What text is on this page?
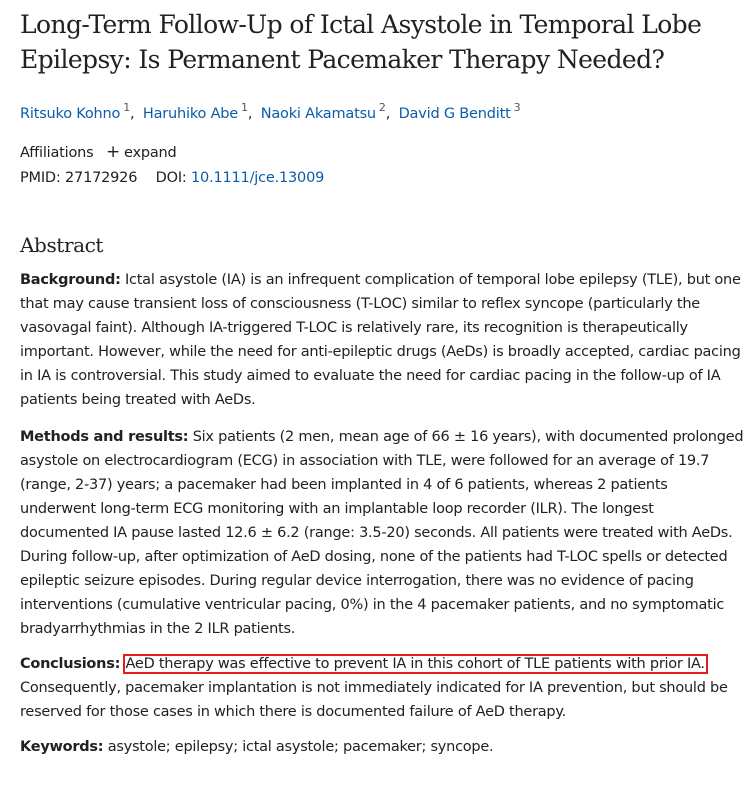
Long-Term Follow-Up of Ictal Asystole in Temporal Lobe Epilepsy: Is Permanent Pacemaker Therapy Needed?
Ritsuko Kohno $^1$, Haruhiko Abe $^1$, Naoki Akamatsu $^2$, David G Benditt $^3$
Affiliations + expand
PMID: 27172926 DOI: 10.1111/jce.13009
Abstract

Background: Ictal asystole (IA) is an infrequent complication of temporal lobe epilepsy (TLE), but one that may cause transient loss of consciousness (T-LOC) similar to reflex syncope (particularly the vasovagal faint). Although IA-triggered T-LOC is relatively rare, its recognition is therapeutically important. However, while the need for anti-epileptic drugs (AeDs) is broadly accepted, cardiac pacing in IA is controversial. This study aimed to evaluate the need for cardiac pacing in the follow-up of IA patients being treated with AeDs.

Methods and results: Six patients (2 men, mean age of 66 ± 16 years), with documented prolonged asystole on electrocardiogram (ECG) in association with TLE, were followed for an average of 19.7 (range, 2-37) years; a pacemaker had been implanted in 4 of 6 patients, whereas 2 patients underwent long-term ECG monitoring with an implantable loop recorder (ILR). The longest documented IA pause lasted 12.6 ± 6.2 (range: 3.5-20) seconds. All patients were treated with AeDs. During follow-up, after optimization of AeD dosing, none of the patients had T-LOC spells or detected epileptic seizure episodes. During regular device interrogation, there was no evidence of pacing interventions (cumulative ventricular pacing, 0%) in the 4 pacemaker patients, and no symptomatic bradyarrhythmias in the 2 ILR patients.

Conclusions: AeD therapy was effective to prevent IA in this cohort of TLE patients with prior IA. Consequently, pacemaker implantation is not immediately indicated for IA prevention, but should be reserved for those cases in which there is documented failure of AeD therapy.

Keywords: asystole; epilepsy; ictal asystole; pacemaker; syncope.
